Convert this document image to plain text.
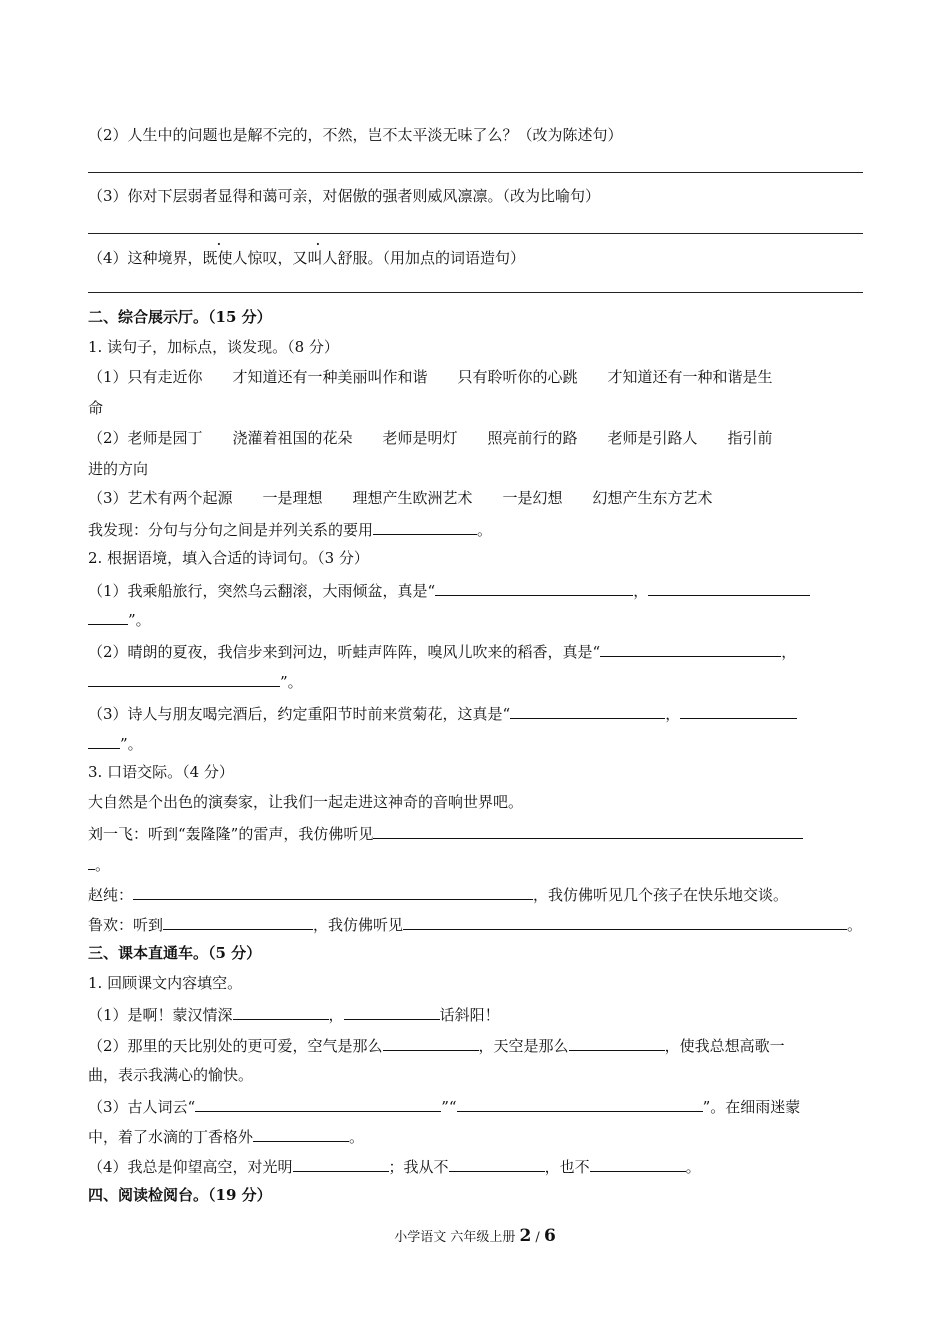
（2）人生中的问题也是解不完的，不然，岂不太平淡无味了么？（改为陈述句）
（3）你对下层弱者显得和蔼可亲，对倨傲的强者则威风凛凛。（改为比喻句）
·	·
（4）这种境界，既使人惊叹，又叫人舒服。（用加点的词语造句）
二、综合展示厅。（15 分）
1. 读句子，加标点，谈发现。（8 分）
（1）只有走近你　　才知道还有一种美丽叫作和谐　　只有聆听你的心跳　　才知道还有一种和谐是生
命
（2）老师是园丁　　浇灌着祖国的花朵　　老师是明灯　　照亮前行的路　　老师是引路人　　指引前
进的方向
（3）艺术有两个起源　　一是理想　　理想产生欧洲艺术　　一是幻想　　幻想产生东方艺术
我发现：分句与分句之间是并列关系的要用	。
2. 根据语境，填入合适的诗词句。（3 分）
（1）我乘船旅行，突然乌云翻滚，大雨倾盆，真是“	，
”。
（2）晴朗的夏夜，我信步来到河边，听蛙声阵阵，嗅风儿吹来的稻香，真是“	，
”。
（3）诗人与朋友喝完酒后，约定重阳节时前来赏菊花，这真是“	，
”。
3. 口语交际。（4 分）
大自然是个出色的演奏家，让我们一起走进这神奇的音响世界吧。
刘一飞：听到“轰隆隆”的雷声，我仿佛听见
。
赵纯：	，我仿佛听见几个孩子在快乐地交谈。
鲁欢：听到	，我仿佛听见	。
三、课本直通车。（5 分）
1. 回顾课文内容填空。
（1）是啊！蒙汉情深	，	话斜阳！
（2）那里的天比别处的更可爱，空气是那么	，天空是那么	，使我总想高歌一
曲，表示我满心的愉快。
（3）古人词云“	”“	”。在细雨迷蒙
中，着了水滴的丁香格外	。
（4）我总是仰望高空，对光明	；我从不	，也不	。
四、阅读检阅台。（19 分）
小学语文 六年级上册 2 / 6
